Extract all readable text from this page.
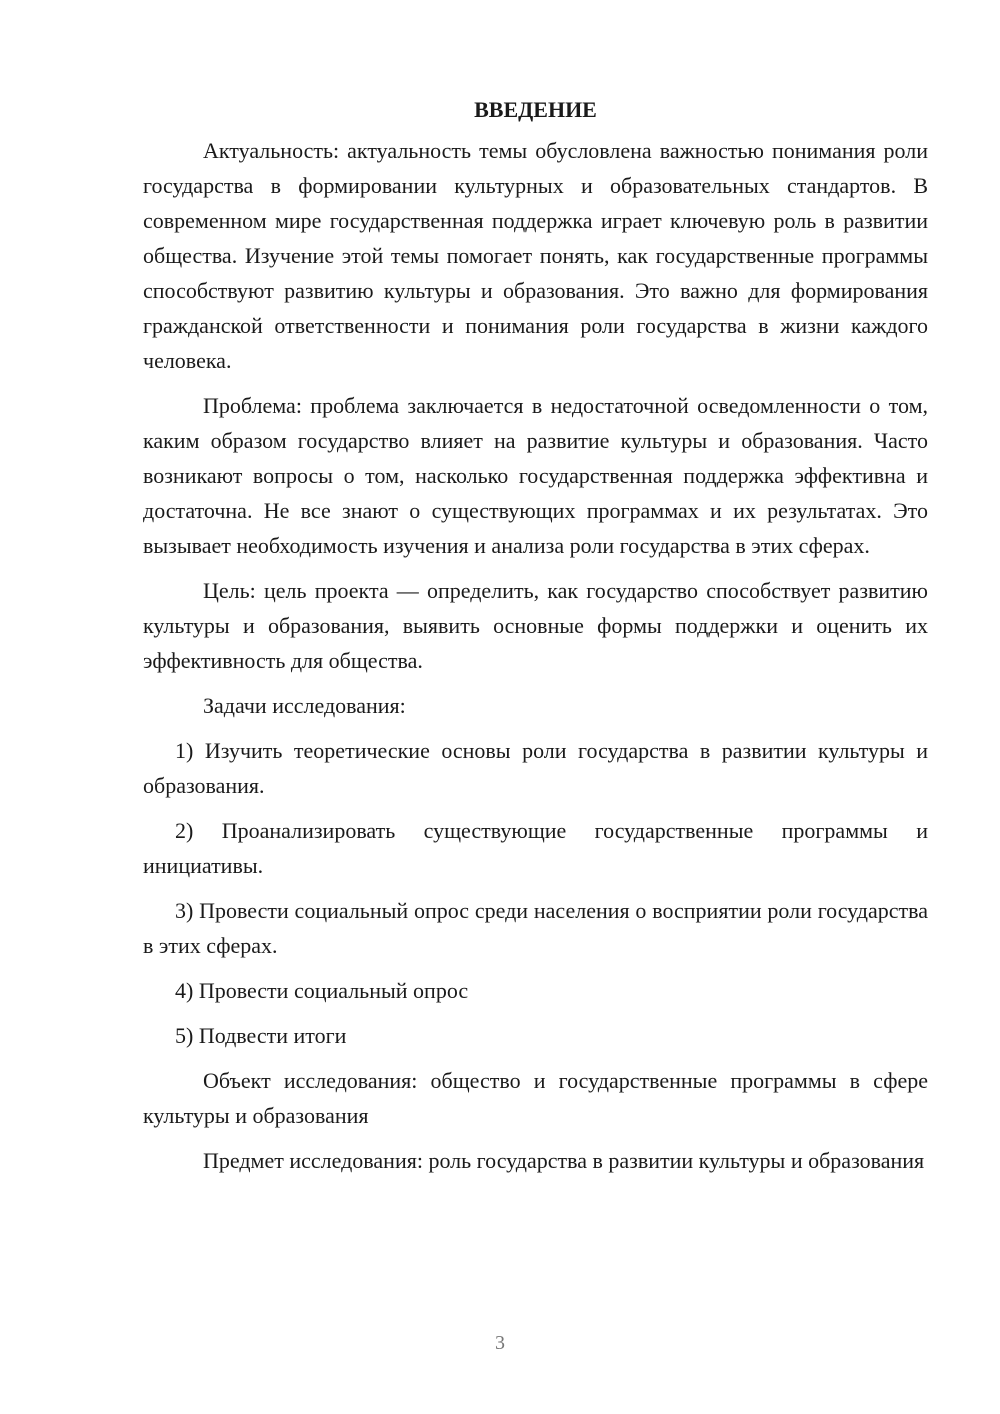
ВВЕДЕНИЕ

Актуальность: актуальность темы обусловлена важностью понимания роли государства в формировании культурных и образовательных стандартов. В современном мире государственная поддержка играет ключевую роль в развитии общества. Изучение этой темы помогает понять, как государственные программы способствуют развитию культуры и образования. Это важно для формирования гражданской ответственности и понимания роли государства в жизни каждого человека.

Проблема: проблема заключается в недостаточной осведомленности о том, каким образом государство влияет на развитие культуры и образования. Часто возникают вопросы о том, насколько государственная поддержка эффективна и достаточна. Не все знают о существующих программах и их результатах. Это вызывает необходимость изучения и анализа роли государства в этих сферах.

Цель: цель проекта — определить, как государство способствует развитию культуры и образования, выявить основные формы поддержки и оценить их эффективность для общества.

Задачи исследования:

1) Изучить теоретические основы роли государства в развитии культуры и образования.

2) Проанализировать существующие государственные программы и инициативы.

3) Провести социальный опрос среди населения о восприятии роли государства в этих сферах.

4) Провести социальный опрос

5) Подвести итоги

Объект исследования: общество и государственные программы в сфере культуры и образования

Предмет исследования: роль государства в развитии культуры и образования

3
